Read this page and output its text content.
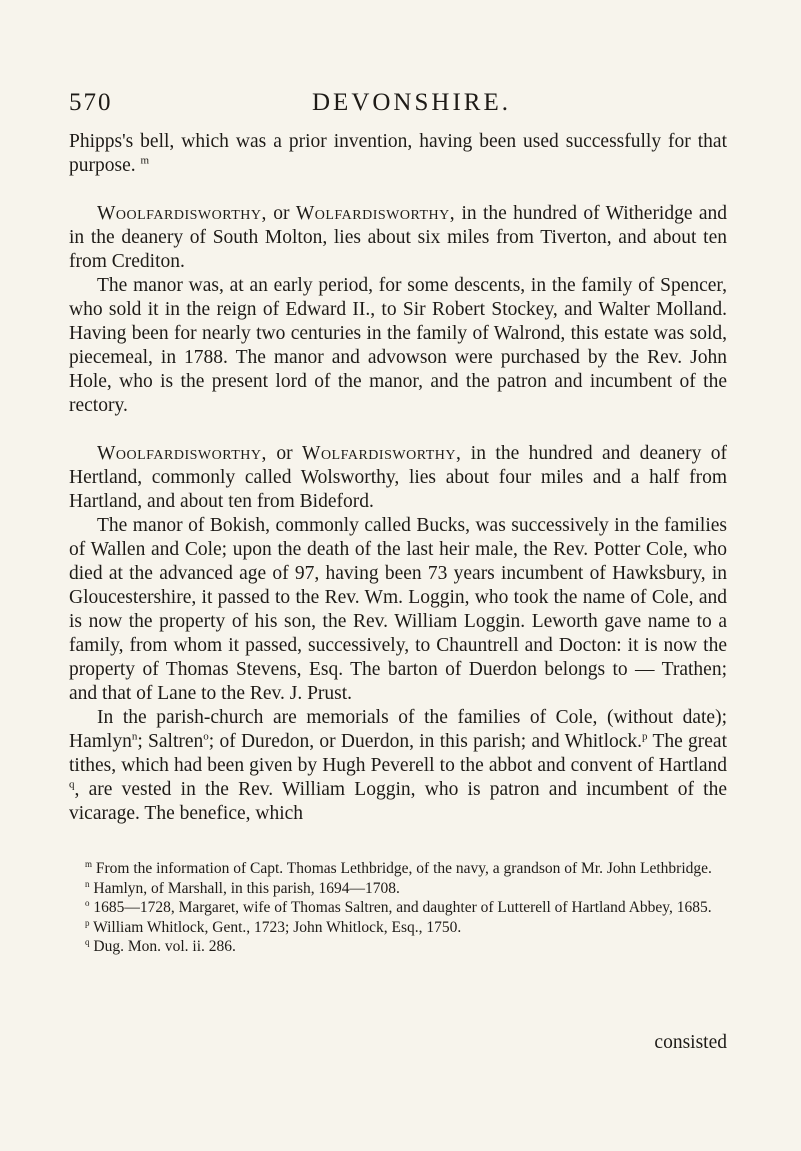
570	DEVONSHIRE.

Phipps's bell, which was a prior invention, having been used successfully for that purpose. $^m$

Woolfardisworthy, or Wolfardisworthy, in the hundred of Witheridge and in the deanery of South Molton, lies about six miles from Tiverton, and about ten from Crediton.

The manor was, at an early period, for some descents, in the family of Spencer, who sold it in the reign of Edward II., to Sir Robert Stockey, and Walter Molland. Having been for nearly two centuries in the family of Walrond, this estate was sold, piecemeal, in 1788. The manor and advowson were purchased by the Rev. John Hole, who is the present lord of the manor, and the patron and incumbent of the rectory.

Woolfardisworthy, or Wolfardisworthy, in the hundred and deanery of Hertland, commonly called Wolsworthy, lies about four miles and a half from Hartland, and about ten from Bideford.

The manor of Bokish, commonly called Bucks, was successively in the families of Wallen and Cole; upon the death of the last heir male, the Rev. Potter Cole, who died at the advanced age of 97, having been 73 years incumbent of Hawksbury, in Gloucestershire, it passed to the Rev. Wm. Loggin, who took the name of Cole, and is now the property of his son, the Rev. William Loggin. Leworth gave name to a family, from whom it passed, successively, to Chauntrell and Docton: it is now the property of Thomas Stevens, Esq. The barton of Duerdon belongs to — Trathen; and that of Lane to the Rev. J. Prust.

In the parish-church are memorials of the families of Cole, (without date); Hamlyn$^n$; Saltren$^o$; of Duredon, or Duerdon, in this parish; and Whitlock.$^p$ The great tithes, which had been given by Hugh Peverell to the abbot and convent of Hartland $^q$, are vested in the Rev. William Loggin, who is patron and incumbent of the vicarage. The benefice, which

$^m$ From the information of Capt. Thomas Lethbridge, of the navy, a grandson of Mr. John Lethbridge.

$^n$ Hamlyn, of Marshall, in this parish, 1694—1708.

$^o$ 1685—1728, Margaret, wife of Thomas Saltren, and daughter of Lutterell of Hartland Abbey, 1685.

$^p$ William Whitlock, Gent., 1723; John Whitlock, Esq., 1750.

$^q$ Dug. Mon. vol. ii. 286.

consisted
